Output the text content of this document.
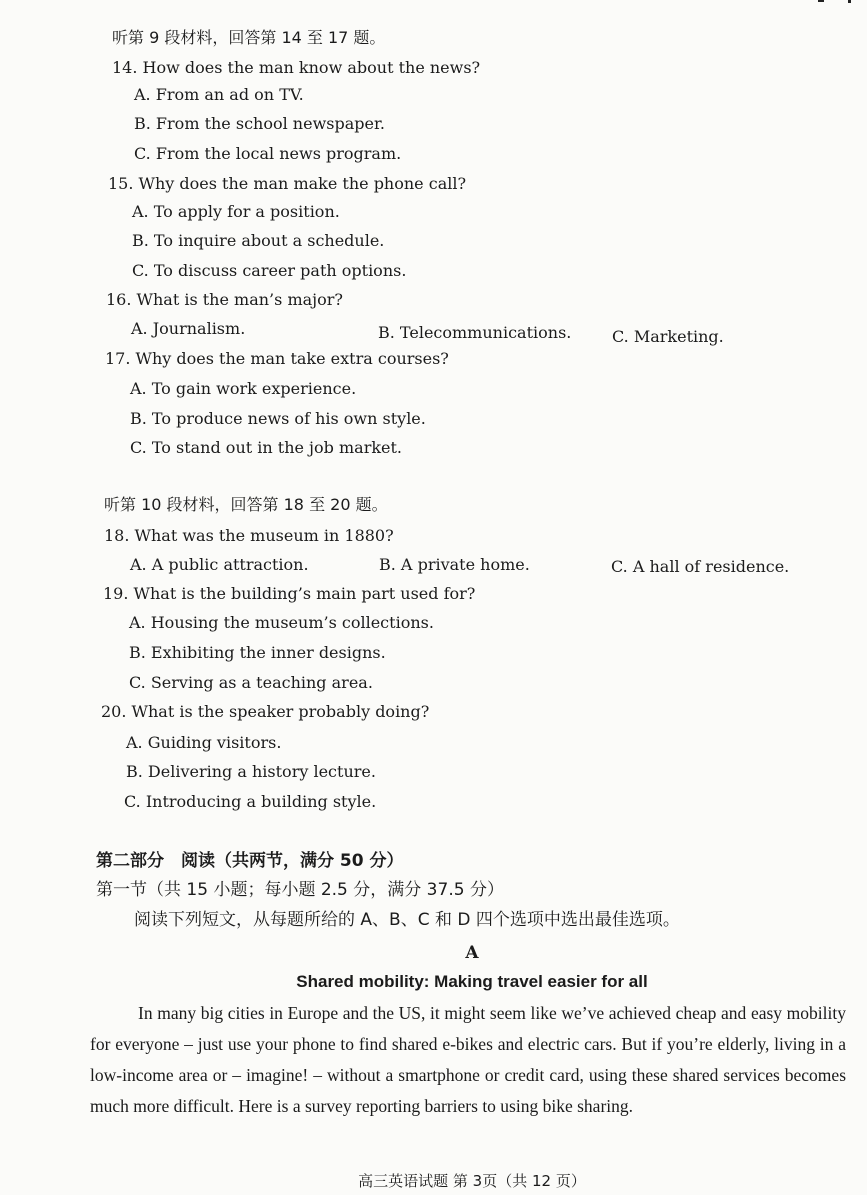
听第 9 段材料，回答第 14 至 17 题。
14. How does the man know about the news?
A. From an ad on TV.
B. From the school newspaper.
C. From the local news program.
15. Why does the man make the phone call?
A. To apply for a position.
B. To inquire about a schedule.
C. To discuss career path options.
16. What is the man’s major?
A. Journalism.	B. Telecommunications.	C. Marketing.
17. Why does the man take extra courses?
A. To gain work experience.
B. To produce news of his own style.
C. To stand out in the job market.
听第 10 段材料，回答第 18 至 20 题。
18. What was the museum in 1880?
A. A public attraction.	B. A private home.	C. A hall of residence.
19. What is the building’s main part used for?
A. Housing the museum’s collections.
B. Exhibiting the inner designs.
C. Serving as a teaching area.
20. What is the speaker probably doing?
A. Guiding visitors.
B. Delivering a history lecture.
C. Introducing a building style.
第二部分　阅读（共两节，满分 50 分）
第一节（共 15 小题；每小题 2.5 分，满分 37.5 分）
阅读下列短文，从每题所给的 A、B、C 和 D 四个选项中选出最佳选项。
A
Shared mobility: Making travel easier for all
In many big cities in Europe and the US, it might seem like we’ve achieved cheap and easy mobility for everyone – just use your phone to find shared e-bikes and electric cars. But if you’re elderly, living in a low-income area or – imagine! – without a smartphone or credit card, using these shared services becomes much more difficult. Here is a survey reporting barriers to using bike sharing.
高三英语试题 第 3页（共 12 页）
